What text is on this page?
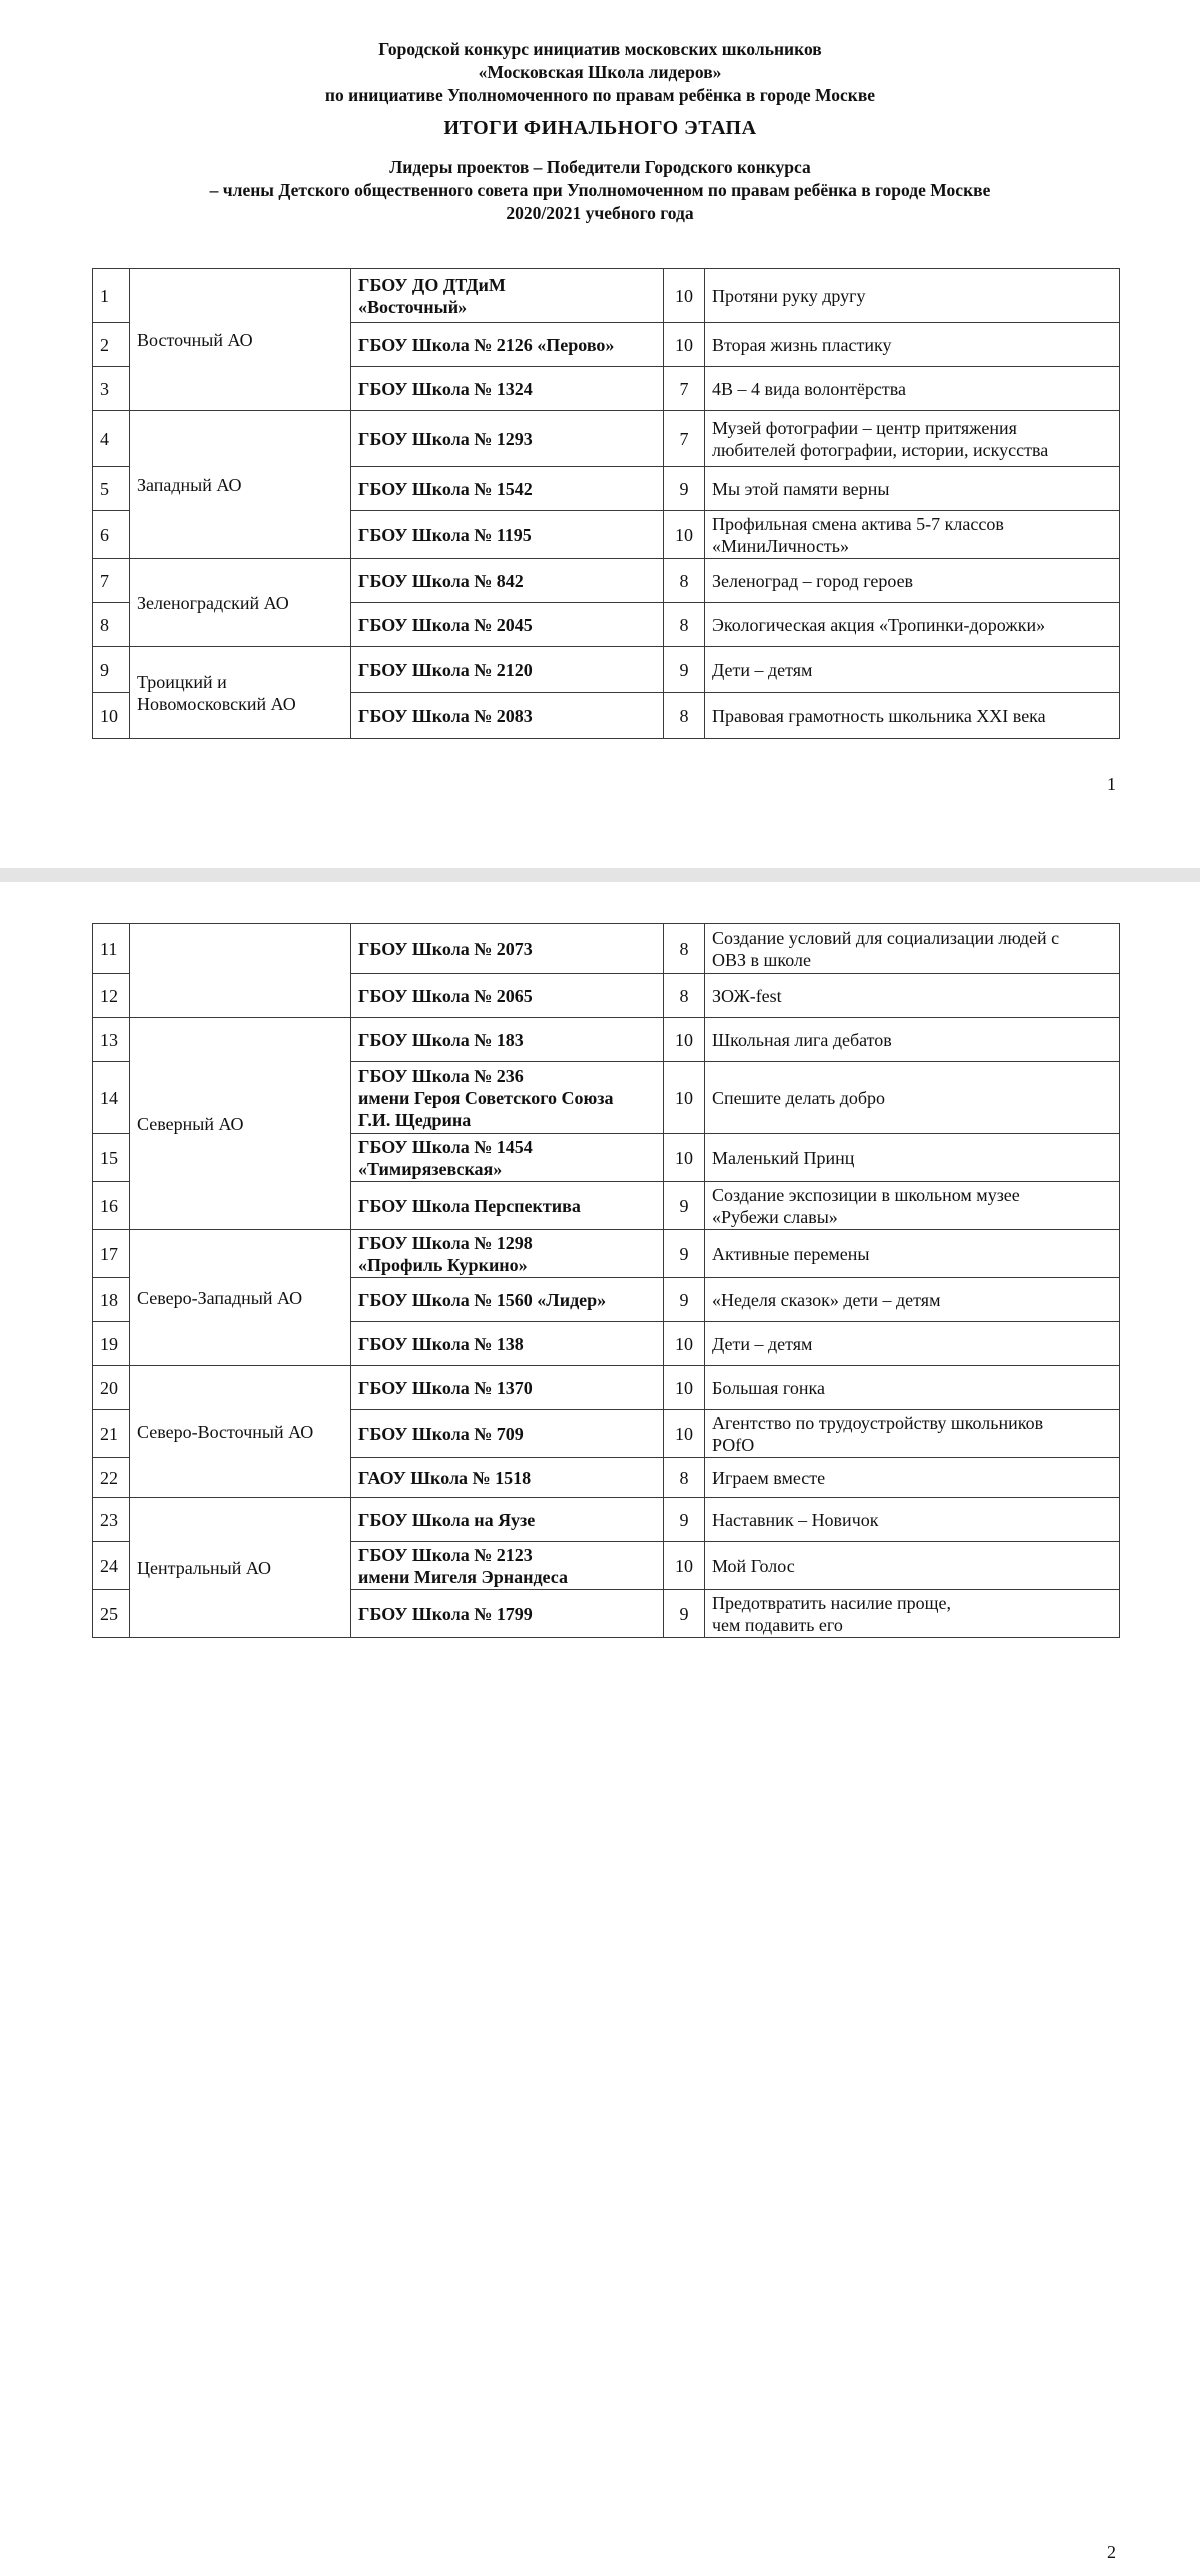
Городской конкурс инициатив московских школьников
«Московская Школа лидеров»
по инициативе Уполномоченного по правам ребёнка в городе Москве
ИТОГИ ФИНАЛЬНОГО ЭТАПА
Лидеры проектов – Победители Городского конкурса
– члены Детского общественного совета при Уполномоченном по правам ребёнка в городе Москве
2020/2021 учебного года
1	Восточный АО	ГБОУ ДО ДТДиМ
«Восточный»	10	Протяни руку другу

2		ГБОУ Школа № 2126 «Перово»	10	Вторая жизнь пластику

3		ГБОУ Школа № 1324	7	4В – 4 вида волонтёрства

4	Западный АО	ГБОУ Школа № 1293	7	Музей фотографии – центр притяжения
любителей фотографии, истории, искусства

5		ГБОУ Школа № 1542	9	Мы этой памяти верны

6		ГБОУ Школа № 1195	10	Профильная смена актива 5-7 классов
«МиниЛичность»

7	Зеленоградский АО	ГБОУ Школа № 842	8	Зеленоград – город героев

8		ГБОУ Школа № 2045	8	Экологическая акция «Тропинки-дорожки»

9	Троицкий и
Новомосковский АО	ГБОУ Школа № 2120	9	Дети – детям

10		ГБОУ Школа № 2083	8	Правовая грамотность школьника XXI века
1
2
11		ГБОУ Школа № 2073	8	Создание условий для социализации людей с
ОВЗ в школе

12		ГБОУ Школа № 2065	8	ЗОЖ-fest

13	Северный АО	ГБОУ Школа № 183	10	Школьная лига дебатов

14		ГБОУ Школа № 236
имени Героя Советского Союза
Г.И. Щедрина	10	Спешите делать добро

15		ГБОУ Школа № 1454
«Тимирязевская»	10	Маленький Принц

16		ГБОУ Школа Перспектива	9	Создание экспозиции в школьном музее
«Рубежи славы»

17	Северо-Западный АО	ГБОУ Школа № 1298
«Профиль Куркино»	9	Активные перемены

18		ГБОУ Школа № 1560 «Лидер»	9	«Неделя сказок» дети – детям

19		ГБОУ Школа № 138	10	Дети – детям

20	Северо-Восточный АО	ГБОУ Школа № 1370	10	Большая гонка

21		ГБОУ Школа № 709	10	Агентство по трудоустройству школьников
РОfО

22		ГАОУ Школа № 1518	8	Играем вместе

23	Центральный АО	ГБОУ Школа на Яузе	9	Наставник – Новичок

24		ГБОУ Школа № 2123
имени Мигеля Эрнандеса	10	Мой Голос

25		ГБОУ Школа № 1799	9	Предотвратить насилие проще,
чем подавить его
